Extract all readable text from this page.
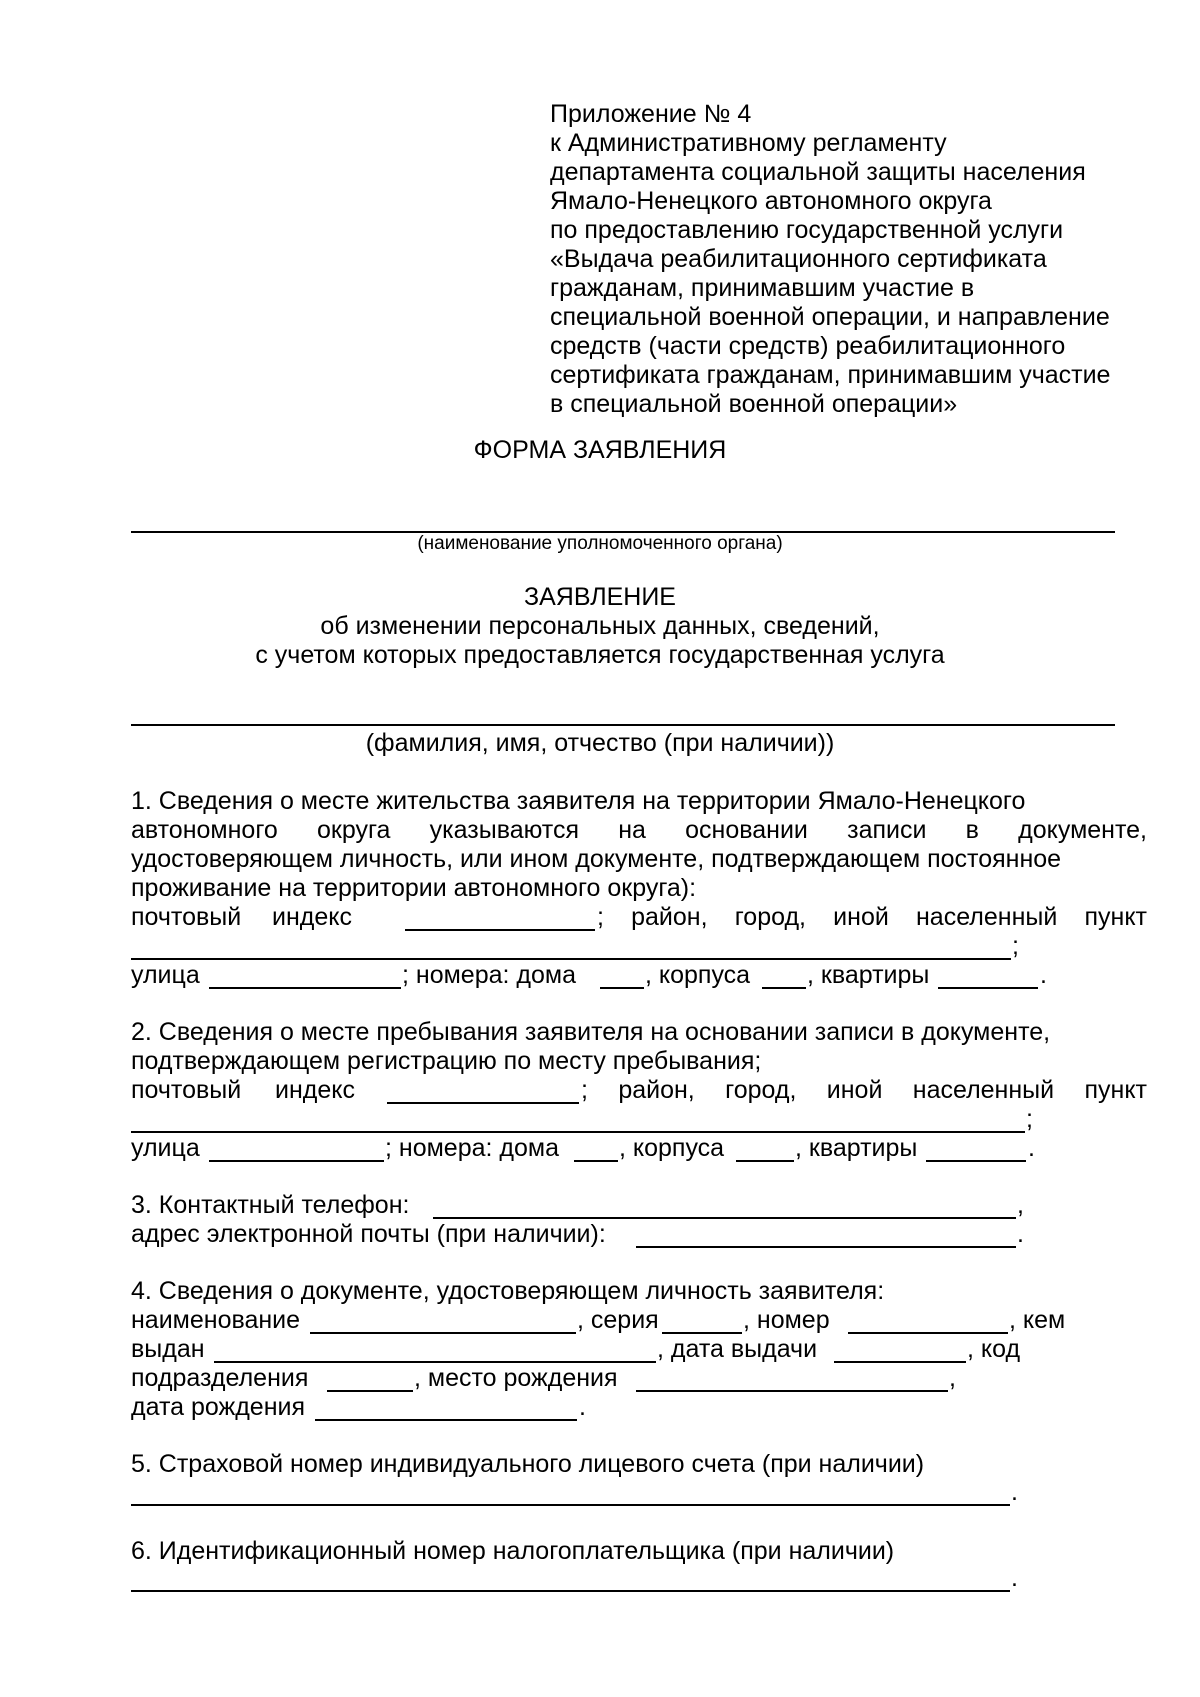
Приложение № 4
к Административному регламенту
департамента социальной защиты населения
Ямало-Ненецкого автономного округа
по предоставлению государственной услуги
«Выдача реабилитационного сертификата
гражданам, принимавшим участие в
специальной военной операции, и направление
средств (части средств) реабилитационного
сертификата гражданам, принимавшим участие
в специальной военной операции»
ФОРМА ЗАЯВЛЕНИЯ
(наименование уполномоченного органа)
ЗАЯВЛЕНИЕ
об изменении персональных данных, сведений,
с учетом которых предоставляется государственная услуга
(фамилия, имя, отчество (при наличии))
1. Сведения о месте жительства заявителя на территории Ямало-Ненецкого
автономного округа указываются на основании записи в документе,
удостоверяющем личность, или ином документе, подтверждающем постоянное
проживание на территории автономного округа):
почтовый индекс	; район, город, иной населенный пункт
;
улица	; номера: дома	, корпуса , квартиры	.
2. Сведения о месте пребывания заявителя на основании записи в документе,
подтверждающем регистрацию по месту пребывания;
почтовый индекс	; район, город, иной населенный пункт
;
улица	; номера: дома , корпуса	, квартиры	.
3. Контактный телефон:	,
адрес электронной почты (при наличии):	.
4. Сведения о документе, удостоверяющем личность заявителя:
наименование	, серия	, номер	, кем
выдан	, дата выдачи	, код
подразделения	, место рождения	,
дата рождения	.
5. Страховой номер индивидуального лицевого счета (при наличии)
.
6. Идентификационный номер налогоплательщика (при наличии)
.
